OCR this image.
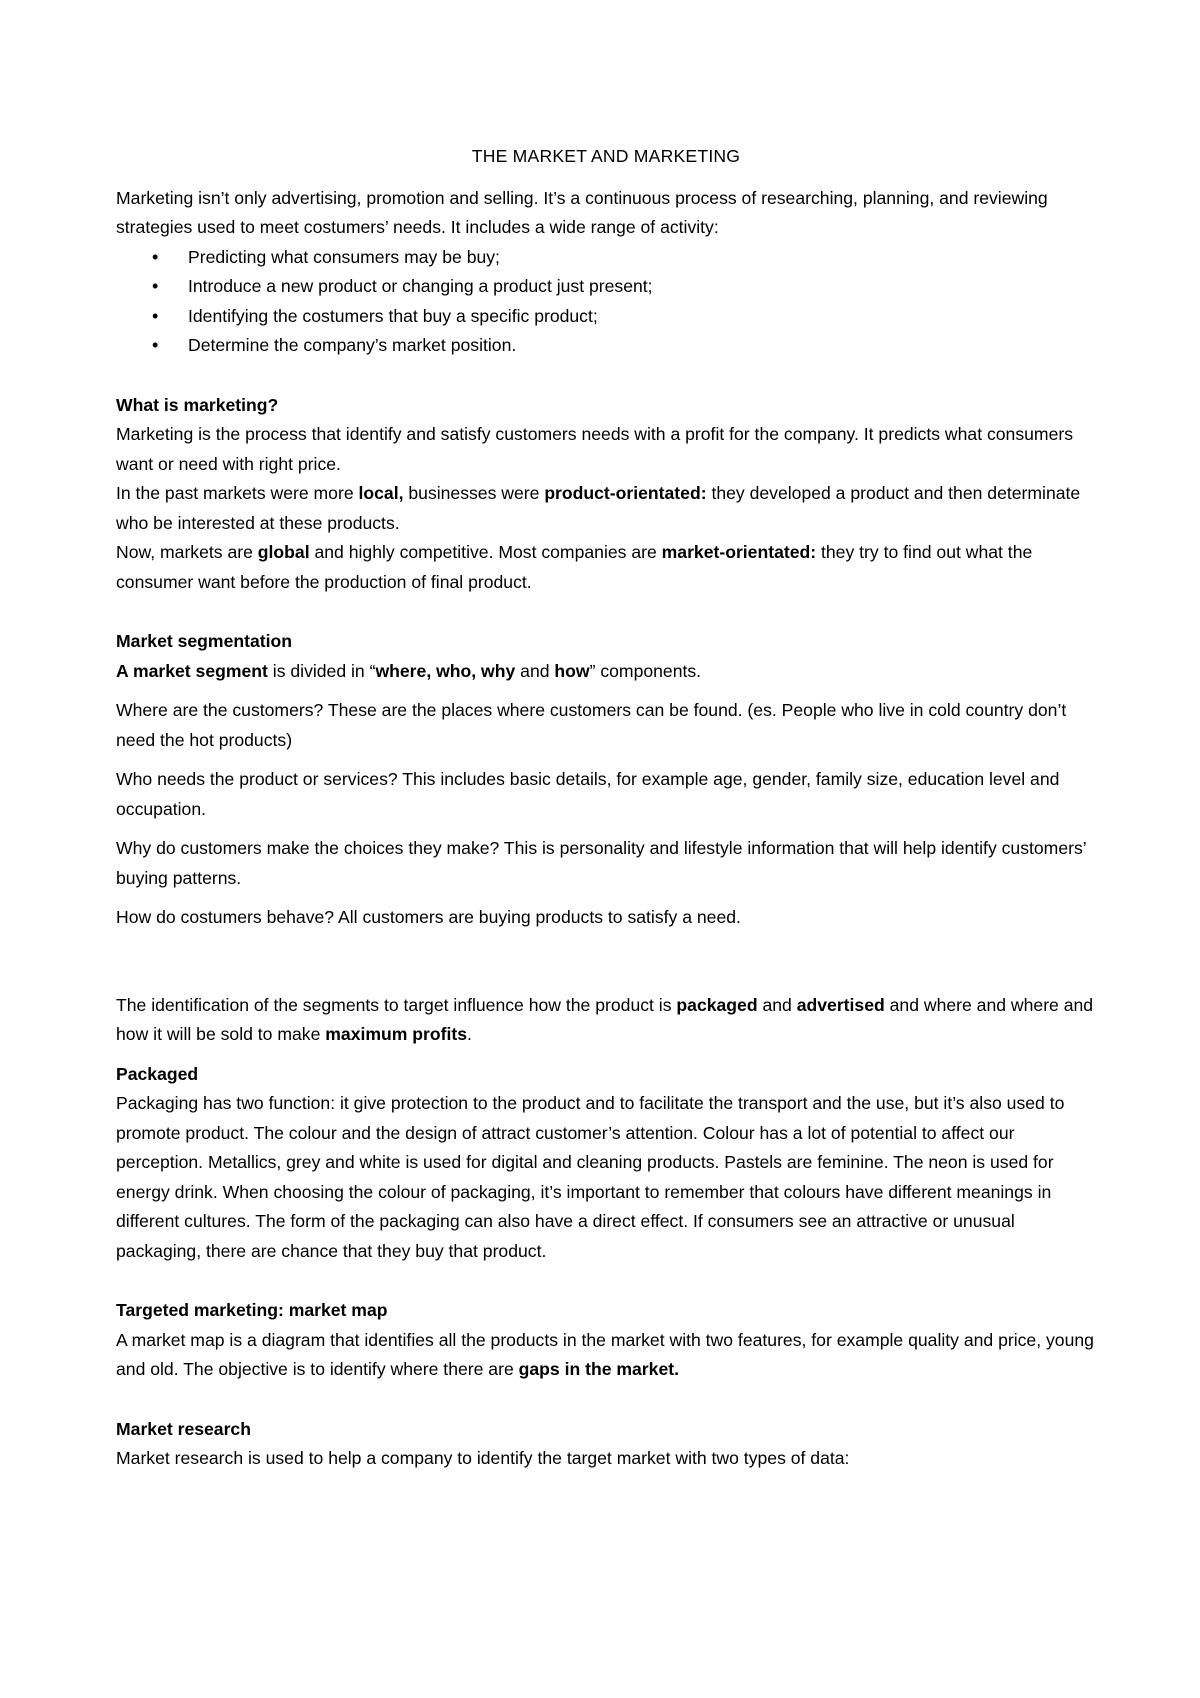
THE MARKET AND MARKETING

Marketing isn’t only advertising, promotion and selling. It’s a continuous process of researching, planning, and reviewing strategies used to meet costumers’ needs. It includes a wide range of activity:

• Predicting what consumers may be buy;
• Introduce a new product or changing a product just present;
• Identifying the costumers that buy a specific product;
• Determine the company’s market position.

What is marketing?

Marketing is the process that identify and satisfy customers needs with a profit for the company. It predicts what consumers want or need with right price.

In the past markets were more local, businesses were product-orientated: they developed a product and then determinate who be interested at these products.

Now, markets are global and highly competitive. Most companies are market-orientated: they try to find out what the consumer want before the production of final product.

Market segmentation

A market segment is divided in “where, who, why and how” components.

Where are the customers? These are the places where customers can be found. (es. People who live in cold country don’t need the hot products)

Who needs the product or services? This includes basic details, for example age, gender, family size, education level and occupation.

Why do customers make the choices they make? This is personality and lifestyle information that will help identify customers’ buying patterns.

How do costumers behave? All customers are buying products to satisfy a need.

The identification of the segments to target influence how the product is packaged and advertised and where and where and how it will be sold to make maximum profits.

Packaged

Packaging has two function: it give protection to the product and to facilitate the transport and the use, but it’s also used to promote product. The colour and the design of attract customer’s attention. Colour has a lot of potential to affect our perception. Metallics, grey and white is used for digital and cleaning products. Pastels are feminine. The neon is used for energy drink. When choosing the colour of packaging, it’s important to remember that colours have different meanings in different cultures. The form of the packaging can also have a direct effect. If consumers see an attractive or unusual packaging, there are chance that they buy that product.

Targeted marketing: market map

A market map is a diagram that identifies all the products in the market with two features, for example quality and price, young and old. The objective is to identify where there are gaps in the market.

Market research

Market research is used to help a company to identify the target market with two types of data:
